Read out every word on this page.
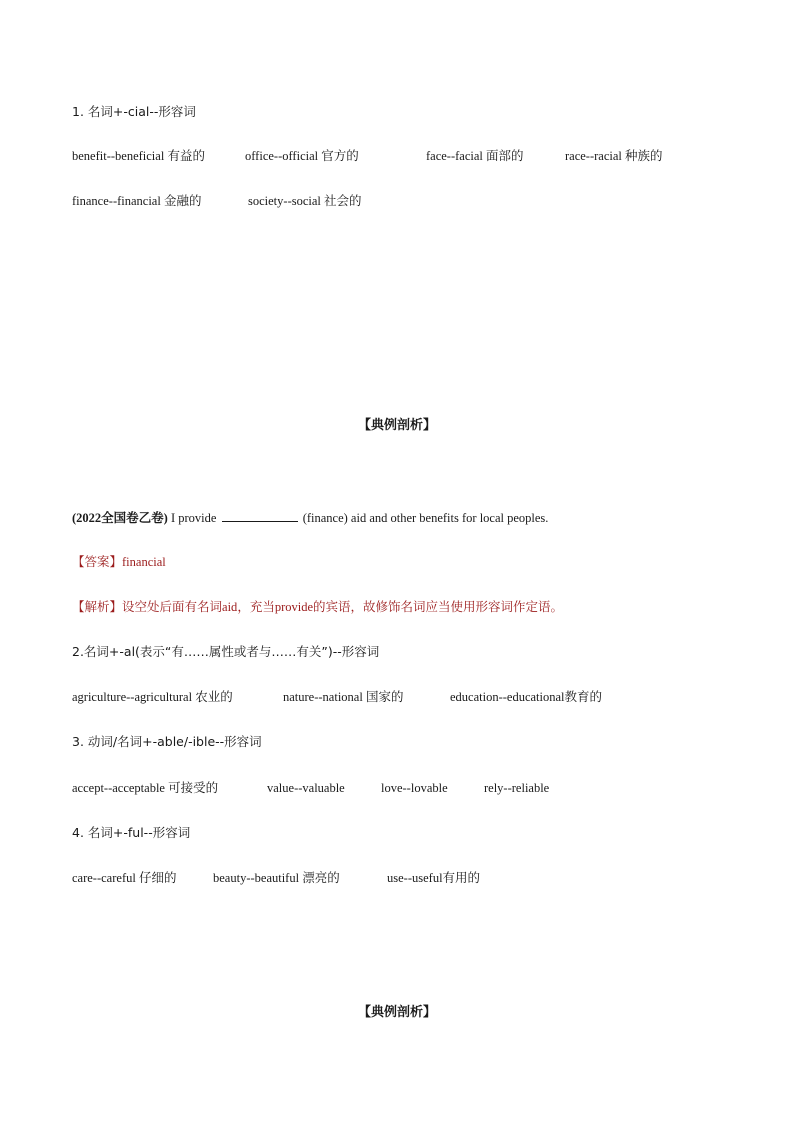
1. 名词+-cial--形容词
benefit--beneficial 有益的	office--official 官方的	face--facial 面部的	race--racial 种族的
finance--financial 金融的	society--social 社会的
【典例剖析】
(2022全国卷乙卷) I provide	(finance) aid and other benefits for local peoples.
【答案】financial
【解析】设空处后面有名词aid，充当provide的宾语，故修饰名词应当使用形容词作定语。
2.名词+-al(表示“有……属性或者与……有关”)--形容词
agriculture--agricultural 农业的	nature--national 国家的	education--educational教育的
3. 动词/名词+-able/-ible--形容词
accept--acceptable 可接受的	value--valuable	love--lovable	rely--reliable
4. 名词+-ful--形容词
care--careful 仔细的	beauty--beautiful 漂亮的	use--useful有用的
【典例剖析】
